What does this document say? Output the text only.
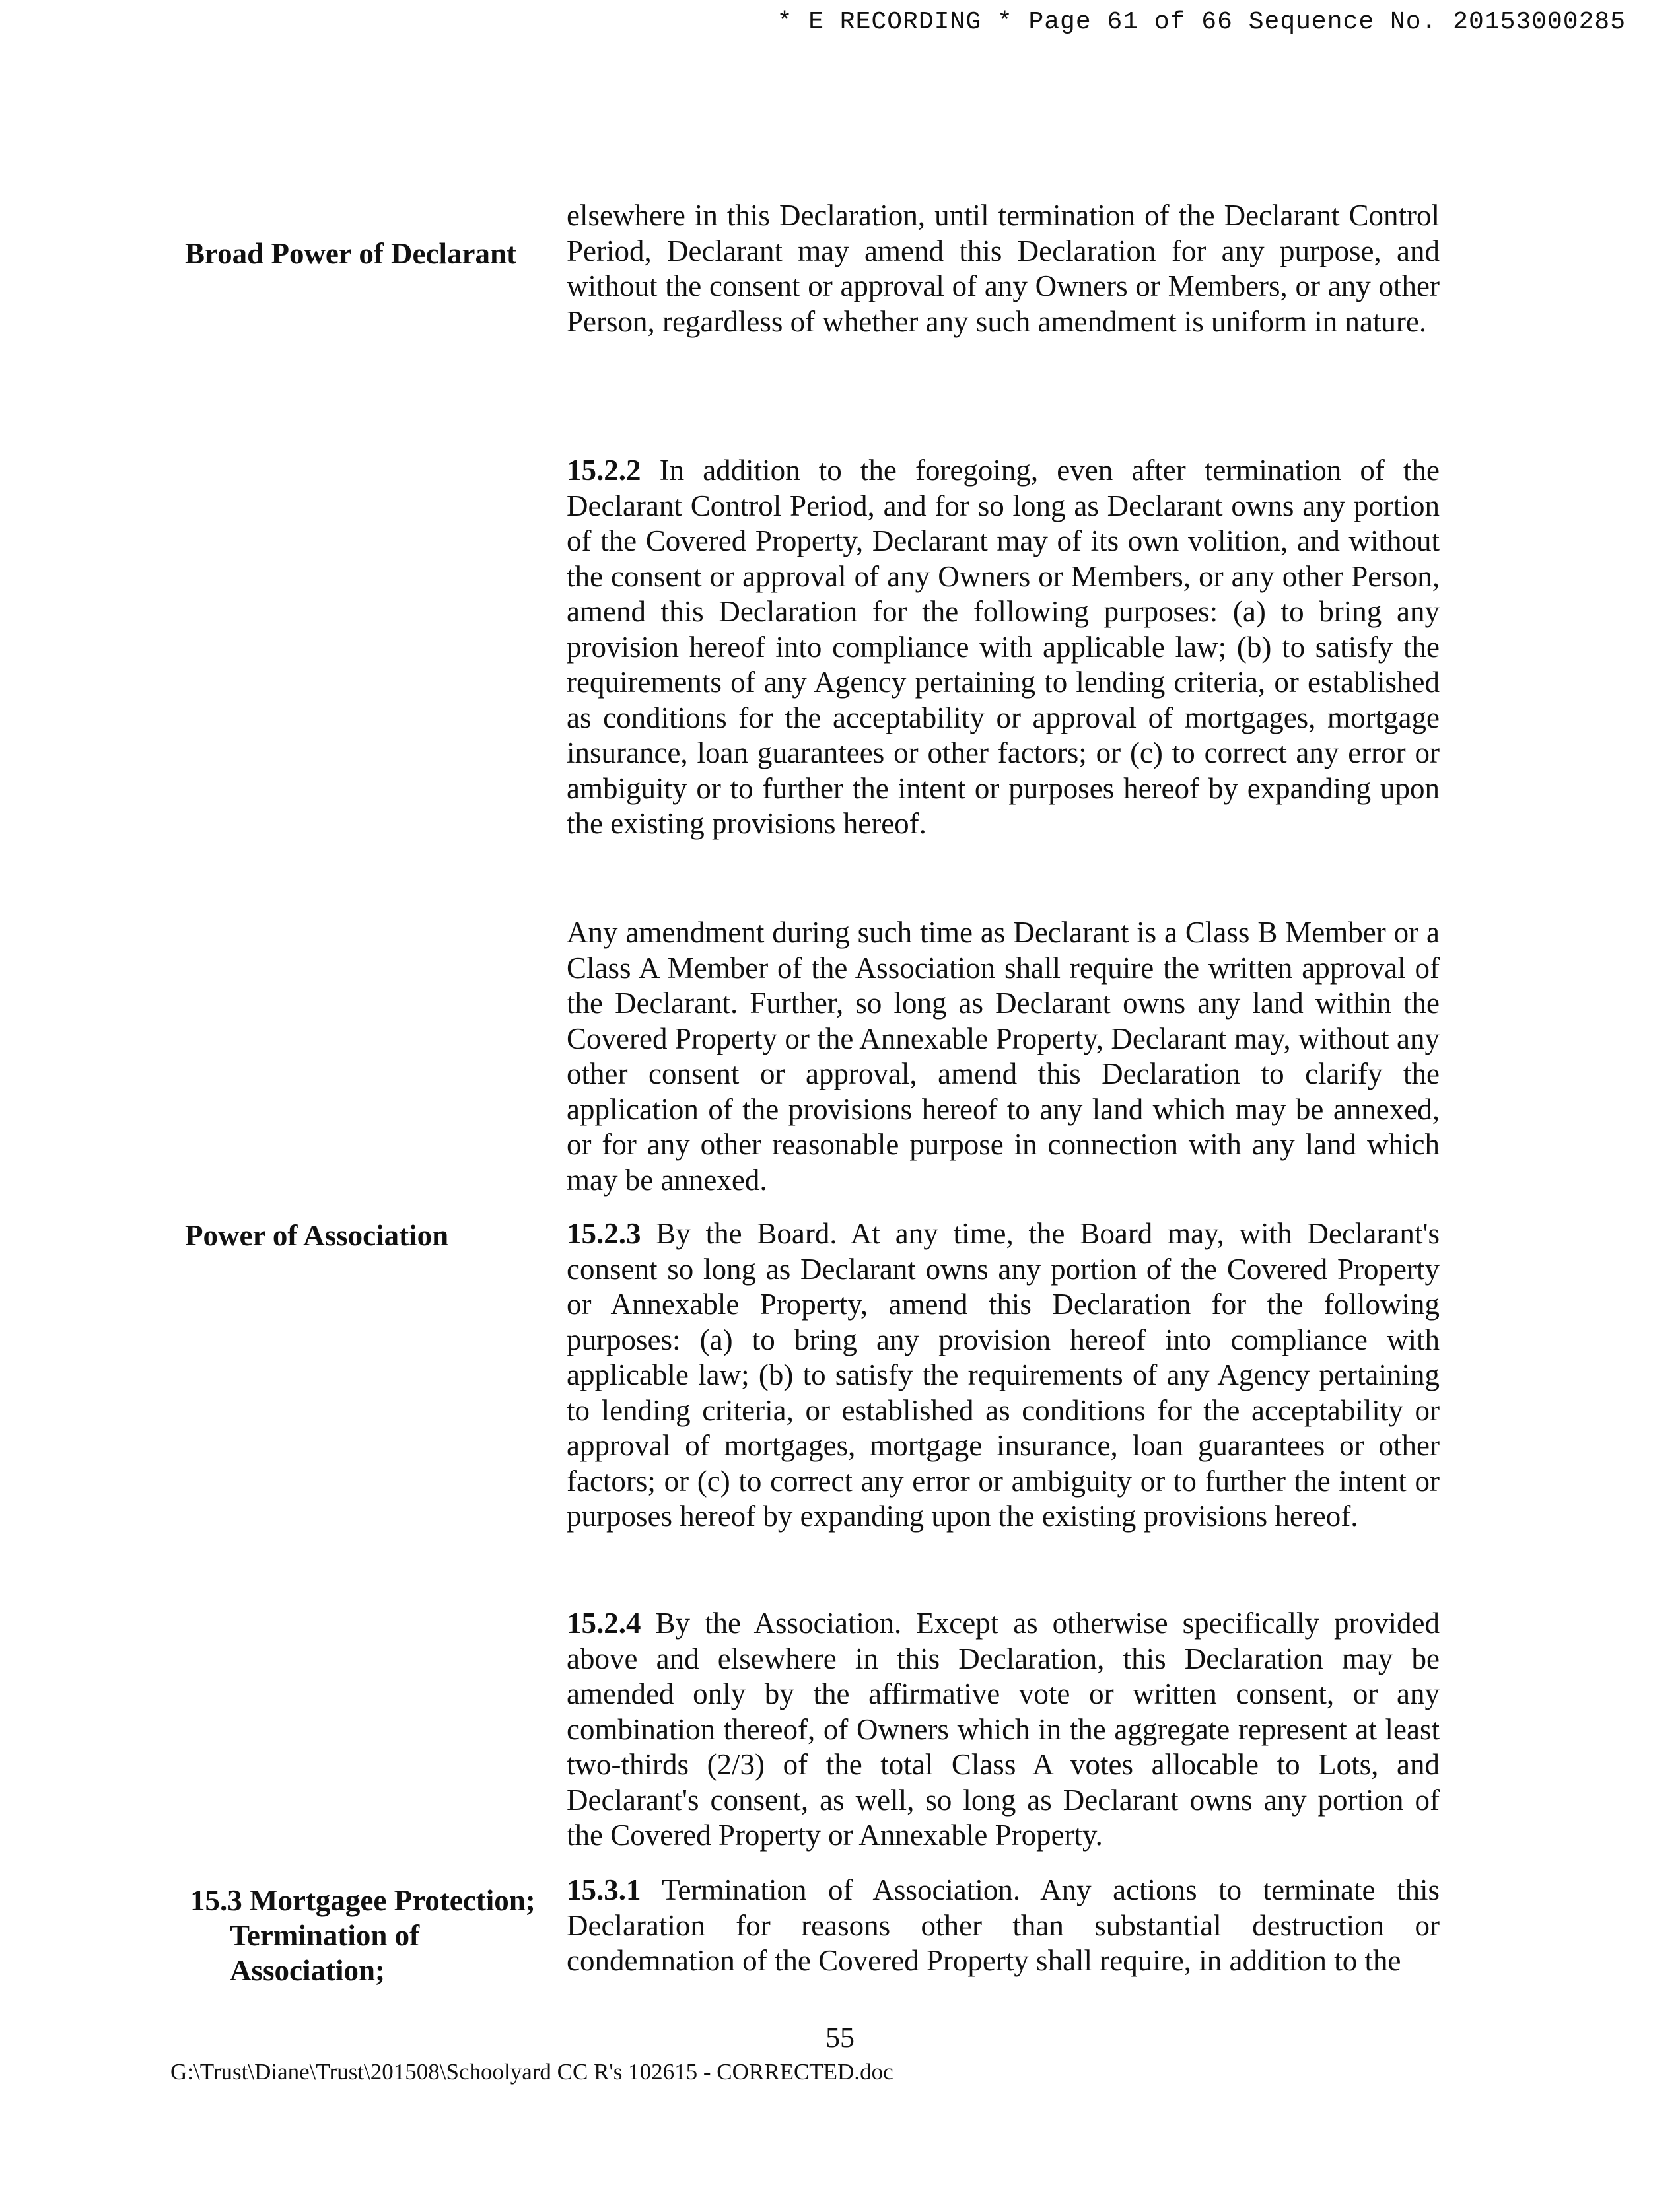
* E RECORDING * Page 61 of 66 Sequence No. 20153000285
Broad Power of Declarant
elsewhere in this Declaration, until termination of the Declarant Control Period, Declarant may amend this Declaration for any purpose, and without the consent or approval of any Owners or Members, or any other Person, regardless of whether any such amendment is uniform in nature.
15.2.2 In addition to the foregoing, even after termination of the Declarant Control Period, and for so long as Declarant owns any portion of the Covered Property, Declarant may of its own volition, and without the consent or approval of any Owners or Members, or any other Person, amend this Declaration for the following purposes: (a) to bring any provision hereof into compliance with applicable law; (b) to satisfy the requirements of any Agency pertaining to lending criteria, or established as conditions for the acceptability or approval of mortgages, mortgage insurance, loan guarantees or other factors; or (c) to correct any error or ambiguity or to further the intent or purposes hereof by expanding upon the existing provisions hereof.
Any amendment during such time as Declarant is a Class B Member or a Class A Member of the Association shall require the written approval of the Declarant. Further, so long as Declarant owns any land within the Covered Property or the Annexable Property, Declarant may, without any other consent or approval, amend this Declaration to clarify the application of the provisions hereof to any land which may be annexed, or for any other reasonable purpose in connection with any land which may be annexed.
Power of Association	15.2.3 By the Board. At any time, the Board may, with Declarant's consent so long as Declarant owns any portion of the Covered Property or Annexable Property, amend this Declaration for the following purposes: (a) to bring any provision hereof into compliance with applicable law; (b) to satisfy the requirements of any Agency pertaining to lending criteria, or established as conditions for the acceptability or approval of mortgages, mortgage insurance, loan guarantees or other factors; or (c) to correct any error or ambiguity or to further the intent or purposes hereof by expanding upon the existing provisions hereof.
15.2.4 By the Association. Except as otherwise specifically provided above and elsewhere in this Declaration, this Declaration may be amended only by the affirmative vote or written consent, or any combination thereof, of Owners which in the aggregate represent at least two-thirds (2/3) of the total Class A votes allocable to Lots, and Declarant's consent, as well, so long as Declarant owns any portion of the Covered Property or Annexable Property.
15.3 Mortgagee Protection;
Termination of
Association;
15.3.1 Termination of Association. Any actions to terminate this Declaration for reasons other than substantial destruction or condemnation of the Covered Property shall require, in addition to the
55
G:\Trust\Diane\Trust\201508\Schoolyard CC R's 102615 - CORRECTED.doc
